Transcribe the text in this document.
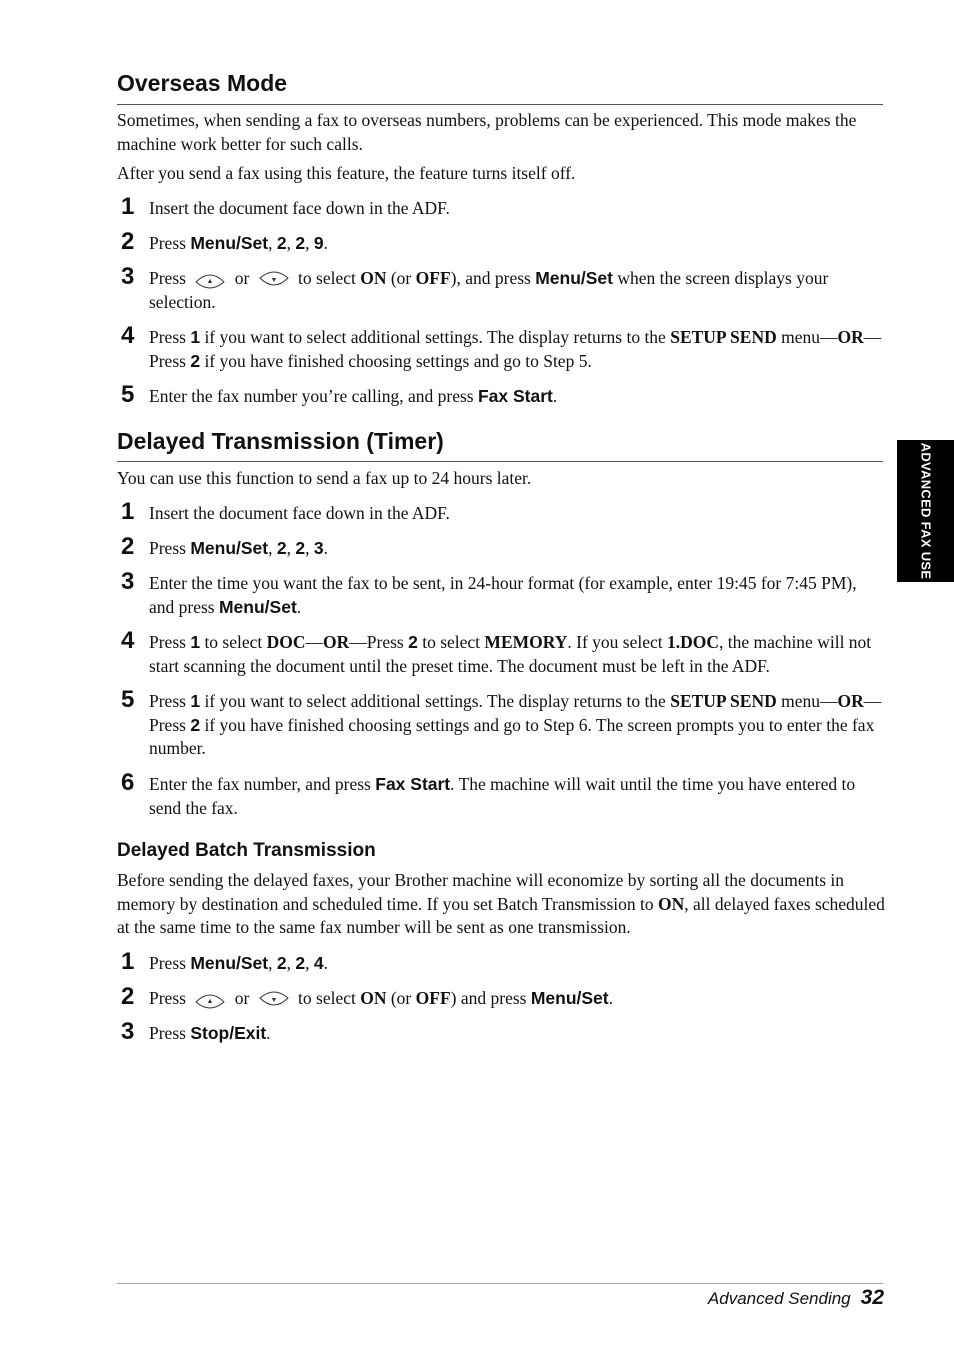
ADVANCED FAX USE
Overseas Mode

Sometimes, when sending a fax to overseas numbers, problems can be experienced. This mode makes the machine work better for such calls.

After you send a fax using this feature, the feature turns itself off.

1 Insert the document face down in the ADF.
2 Press Menu/Set, 2, 2, 9.
3 Press ▲ or ▼ to select ON (or OFF), and press Menu/Set when the screen displays your selection.
4 Press 1 if you want to select additional settings. The display returns to the SETUP SEND menu—OR—Press 2 if you have finished choosing settings and go to Step 5.
5 Enter the fax number you’re calling, and press Fax Start.
Delayed Transmission (Timer)

You can use this function to send a fax up to 24 hours later.

1 Insert the document face down in the ADF.
2 Press Menu/Set, 2, 2, 3.
3 Enter the time you want the fax to be sent, in 24-hour format (for example, enter 19:45 for 7:45 PM), and press Menu/Set.
4 Press 1 to select DOC—OR—Press 2 to select MEMORY. If you select 1.DOC, the machine will not start scanning the document until the preset time. The document must be left in the ADF.
5 Press 1 if you want to select additional settings. The display returns to the SETUP SEND menu—OR—Press 2 if you have finished choosing settings and go to Step 6. The screen prompts you to enter the fax number.
6 Enter the fax number, and press Fax Start. The machine will wait until the time you have entered to send the fax.
Delayed Batch Transmission

Before sending the delayed faxes, your Brother machine will economize by sorting all the documents in memory by destination and scheduled time. If you set Batch Transmission to ON, all delayed faxes scheduled at the same time to the same fax number will be sent as one transmission.

1 Press Menu/Set, 2, 2, 4.
2 Press ▲ or ▼ to select ON (or OFF) and press Menu/Set.
3 Press Stop/Exit.
Advanced Sending 32
